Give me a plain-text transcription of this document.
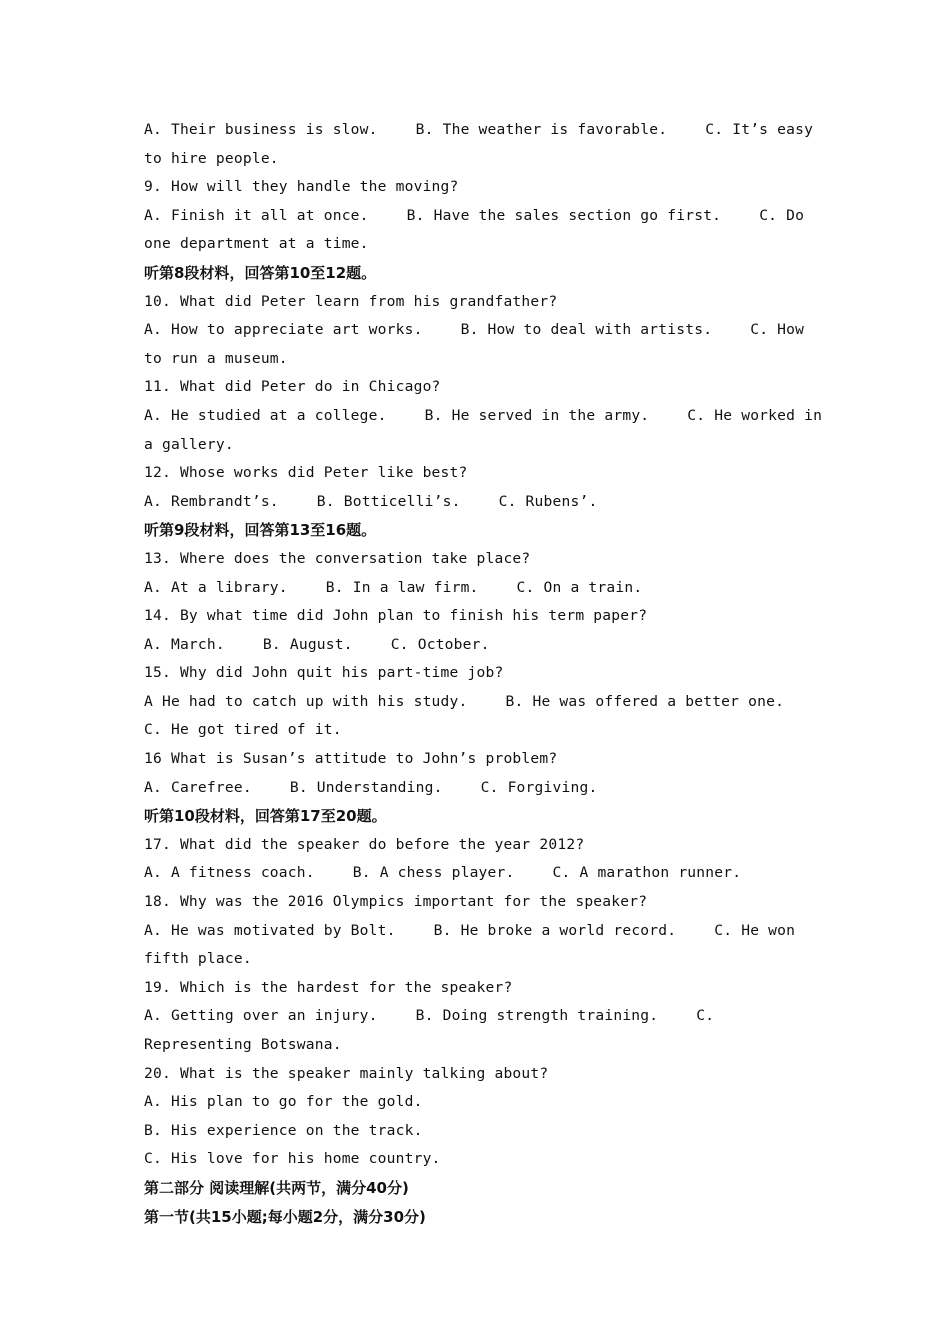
A. Their business is slow.	B. The weather is favorable.	C. It’s easy to hire people.
9. How will they handle the moving?
A. Finish it all at once.	B. Have the sales section go first.	C. Do one department at a time.
听第8段材料，回答第10至12题。
10. What did Peter learn from his grandfather?
A. How to appreciate art works.	B. How to deal with artists.	C. How to run a museum.
11. What did Peter do in Chicago?
A. He studied at a college.	B. He served in the army.	C. He worked in a gallery.
12. Whose works did Peter like best?
A. Rembrandt’s.	B. Botticelli’s.	C. Rubens’.
听第9段材料，回答第13至16题。
13. Where does the conversation take place?
A. At a library.	B. In a law firm.	C. On a train.
14. By what time did John plan to finish his term paper?
A. March.	B. August.	C. October.
15. Why did John quit his part-time job?
A He had to catch up with his study.	B. He was offered a better one.
C. He got tired of it.
16 What is Susan’s attitude to John’s problem?
A. Carefree.	B. Understanding.	C. Forgiving.
听第10段材料，回答第17至20题。
17. What did the speaker do before the year 2012?
A. A fitness coach.	B. A chess player.	C. A marathon runner.
18. Why was the 2016 Olympics important for the speaker?
A. He was motivated by Bolt.	B. He broke a world record.	C. He won fifth place.
19. Which is the hardest for the speaker?
A. Getting over an injury.	B. Doing strength training.	C. Representing Botswana.
20. What is the speaker mainly talking about?
A. His plan to go for the gold.
B. His experience on the track.
C. His love for his home country.
第二部分 阅读理解(共两节，满分40分)
第一节(共15小题;每小题2分，满分30分)
